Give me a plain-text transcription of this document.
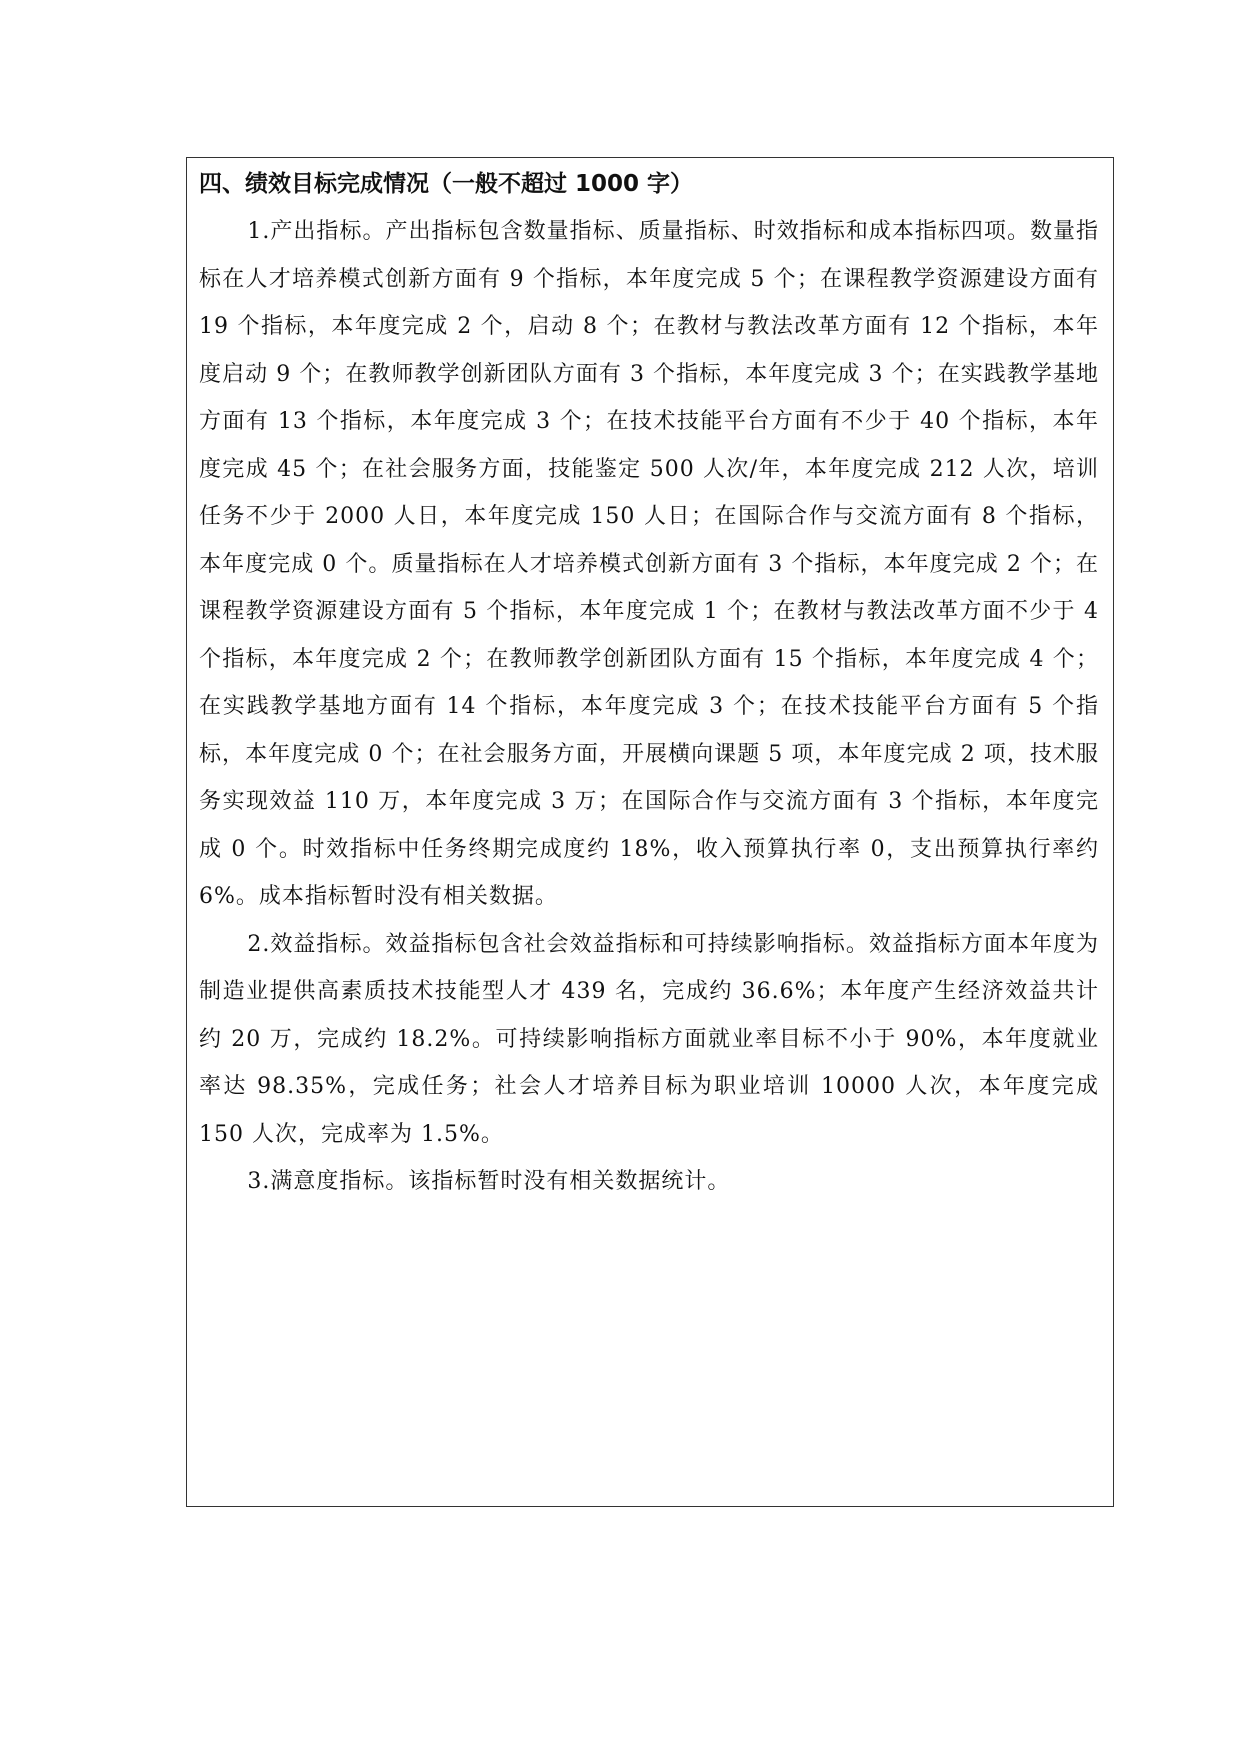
四、绩效目标完成情况（一般不超过 1000 字）

1.产出指标。产出指标包含数量指标、质量指标、时效指标和成本指标四项。数量指标在人才培养模式创新方面有 9 个指标，本年度完成 5 个；在课程教学资源建设方面有 19 个指标，本年度完成 2 个，启动 8 个；在教材与教法改革方面有 12 个指标，本年度启动 9 个；在教师教学创新团队方面有 3 个指标，本年度完成 3 个；在实践教学基地方面有 13 个指标，本年度完成 3 个；在技术技能平台方面有不少于 40 个指标，本年度完成 45 个；在社会服务方面，技能鉴定 500 人次/年，本年度完成 212 人次，培训任务不少于 2000 人日，本年度完成 150 人日；在国际合作与交流方面有 8 个指标，本年度完成 0 个。质量指标在人才培养模式创新方面有 3 个指标，本年度完成 2 个；在课程教学资源建设方面有 5 个指标，本年度完成 1 个；在教材与教法改革方面不少于 4 个指标，本年度完成 2 个；在教师教学创新团队方面有 15 个指标，本年度完成 4 个；在实践教学基地方面有 14 个指标，本年度完成 3 个；在技术技能平台方面有 5 个指标，本年度完成 0 个；在社会服务方面，开展横向课题 5 项，本年度完成 2 项，技术服务实现效益 110 万，本年度完成 3 万；在国际合作与交流方面有 3 个指标，本年度完成 0 个。时效指标中任务终期完成度约 18%，收入预算执行率 0，支出预算执行率约 6%。成本指标暂时没有相关数据。

2.效益指标。效益指标包含社会效益指标和可持续影响指标。效益指标方面本年度为制造业提供高素质技术技能型人才 439 名，完成约 36.6%；本年度产生经济效益共计约 20 万，完成约 18.2%。可持续影响指标方面就业率目标不小于 90%，本年度就业率达 98.35%，完成任务；社会人才培养目标为职业培训 10000 人次，本年度完成 150 人次，完成率为 1.5%。

3.满意度指标。该指标暂时没有相关数据统计。
